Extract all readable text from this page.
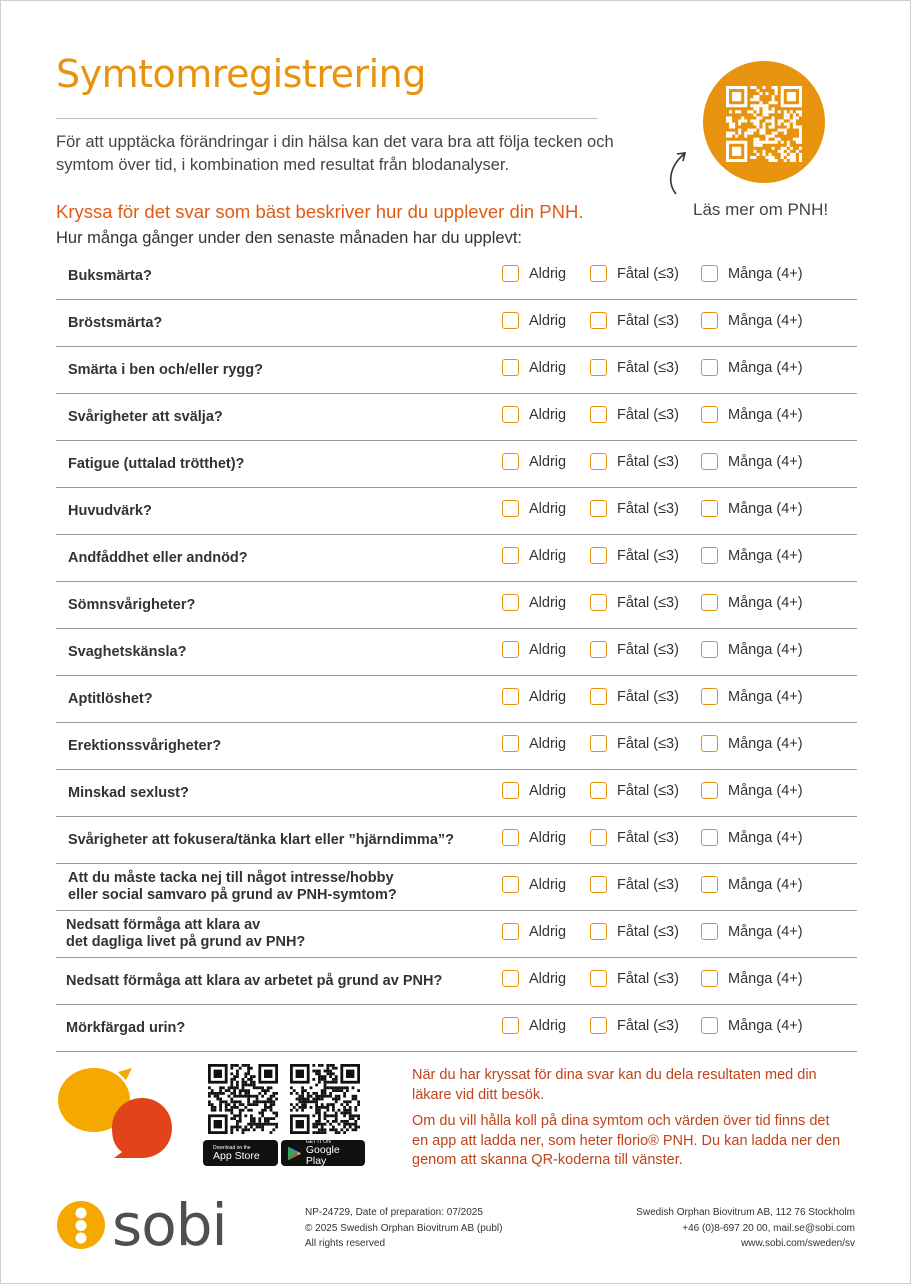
Symtomregistrering
För att upptäcka förändringar i din hälsa kan det vara bra att följa tecken och symtom över tid, i kombination med resultat från blodanalyser.
Läs mer om PNH!
Kryssa för det svar som bäst beskriver hur du upplever din PNH.
Hur många gånger under den senaste månaden har du upplevt:
Buksmärta?	Aldrig	Fåtal (≤3)	Många (4+)
Bröstsmärta?	Aldrig	Fåtal (≤3)	Många (4+)
Smärta i ben och/eller rygg?	Aldrig	Fåtal (≤3)	Många (4+)
Svårigheter att svälja?	Aldrig	Fåtal (≤3)	Många (4+)
Fatigue (uttalad trötthet)?	Aldrig	Fåtal (≤3)	Många (4+)
Huvudvärk?	Aldrig	Fåtal (≤3)	Många (4+)
Andfåddhet eller andnöd?	Aldrig	Fåtal (≤3)	Många (4+)
Sömnsvårigheter?	Aldrig	Fåtal (≤3)	Många (4+)
Svaghetskänsla?	Aldrig	Fåtal (≤3)	Många (4+)
Aptitlöshet?	Aldrig	Fåtal (≤3)	Många (4+)
Erektionssvårigheter?	Aldrig	Fåtal (≤3)	Många (4+)
Minskad sexlust?	Aldrig	Fåtal (≤3)	Många (4+)
Svårigheter att fokusera/tänka klart eller ”hjärndimma”?	Aldrig	Fåtal (≤3)	Många (4+)
Att du måste tacka nej till något intresse/hobby
eller social samvaro på grund av PNH-symtom?
Aldrig	Fåtal (≤3)	Många (4+)
Nedsatt förmåga att klara av
det dagliga livet på grund av PNH?
Aldrig	Fåtal (≤3)	Många (4+)
Nedsatt förmåga att klara av arbetet på grund av PNH?	Aldrig	Fåtal (≤3)	Många (4+)
Mörkfärgad urin?	Aldrig	Fåtal (≤3)	Många (4+)
Download on the
App Store
GET IT ON
Google Play

När du har kryssat för dina svar kan du dela resultaten med din läkare vid ditt besök.

Om du vill hålla koll på dina symtom och värden över tid finns det en app att ladda ner, som heter florio® PNH. Du kan ladda ner den genom att skanna QR-koderna till vänster.

sobi	NP-24729, Date of preparation: 07/2025
© 2025 Swedish Orphan Biovitrum AB (publ)
All rights reserved
Swedish Orphan Biovitrum AB, 112 76 Stockholm
+46 (0)8-697 20 00, mail.se@sobi.com
www.sobi.com/sweden/sv
